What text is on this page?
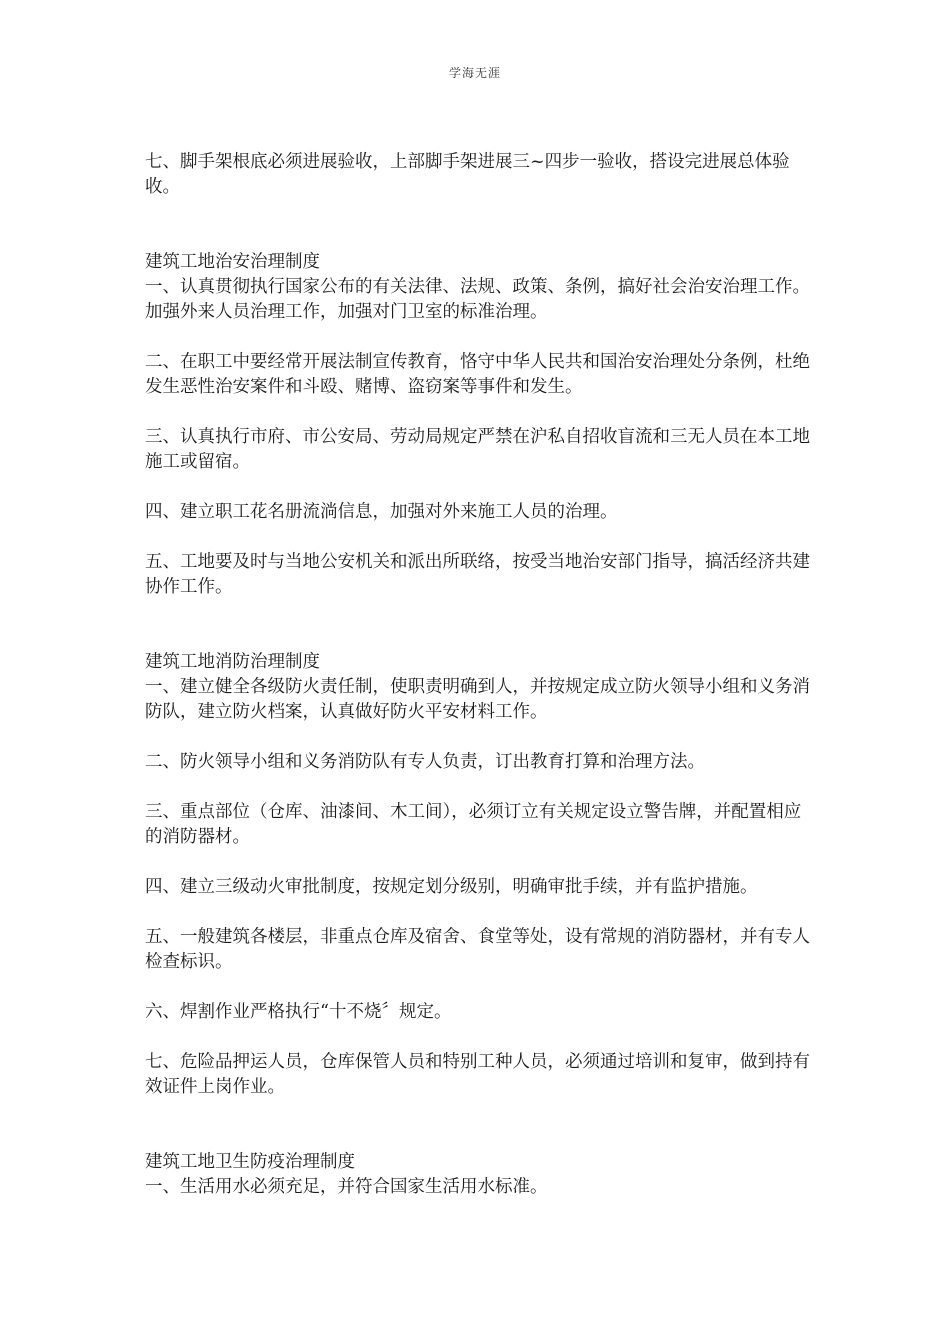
学海无涯

七、脚手架根底必须进展验收，上部脚手架进展三~四步一验收，搭设完进展总体验收。

建筑工地治安治理制度

一、认真贯彻执行国家公布的有关法律、法规、政策、条例，搞好社会治安治理工作。加强外来人员治理工作，加强对门卫室的标准治理。

二、在职工中要经常开展法制宣传教育，恪守中华人民共和国治安治理处分条例，杜绝发生恶性治安案件和斗殴、赌博、盗窃案等事件和发生。

三、认真执行市府、市公安局、劳动局规定严禁在沪私自招收盲流和三无人员在本工地施工或留宿。

四、建立职工花名册流淌信息，加强对外来施工人员的治理。

五、工地要及时与当地公安机关和派出所联络，按受当地治安部门指导，搞活经济共建协作工作。

建筑工地消防治理制度

一、建立健全各级防火责任制，使职责明确到人，并按规定成立防火领导小组和义务消防队，建立防火档案，认真做好防火平安材料工作。

二、防火领导小组和义务消防队有专人负责，订出教育打算和治理方法。

三、重点部位（仓库、油漆间、木工间），必须订立有关规定设立警告牌，并配置相应的消防器材。

四、建立三级动火审批制度，按规定划分级别，明确审批手续，并有监护措施。

五、一般建筑各楼层，非重点仓库及宿舍、食堂等处，设有常规的消防器材，并有专人检查标识。

六、焊割作业严格执行“十不烧〞规定。

七、危险品押运人员，仓库保管人员和特别工种人员，必须通过培训和复审，做到持有效证件上岗作业。

建筑工地卫生防疫治理制度

一、生活用水必须充足，并符合国家生活用水标准。
